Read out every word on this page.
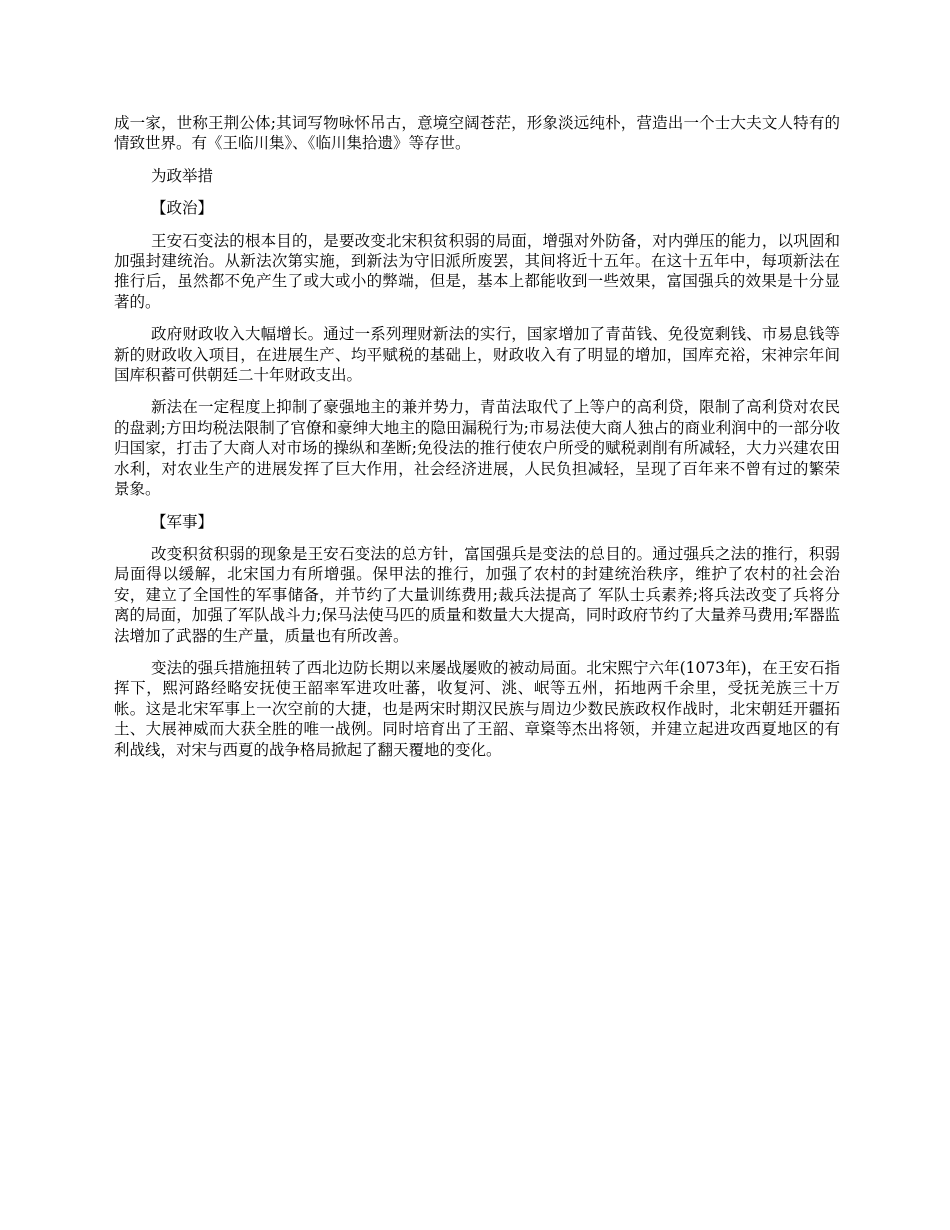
成一家，世称王荆公体;其词写物咏怀吊古，意境空阔苍茫，形象淡远纯朴，营造出一个士大夫文人特有的情致世界。有《王临川集》、《临川集拾遗》等存世。

为政举措

【政治】

王安石变法的根本目的，是要改变北宋积贫积弱的局面，增强对外防备，对内弹压的能力，以巩固和加强封建统治。从新法次第实施，到新法为守旧派所废罢，其间将近十五年。在这十五年中，每项新法在推行后，虽然都不免产生了或大或小的弊端，但是，基本上都能收到一些效果，富国强兵的效果是十分显著的。

政府财政收入大幅增长。通过一系列理财新法的实行，国家增加了青苗钱、免役宽剩钱、市易息钱等新的财政收入项目，在进展生产、均平赋税的基础上，财政收入有了明显的增加，国库充裕，宋神宗年间国库积蓄可供朝廷二十年财政支出。

新法在一定程度上抑制了豪强地主的兼并势力，青苗法取代了上等户的高利贷，限制了高利贷对农民的盘剥;方田均税法限制了官僚和豪绅大地主的隐田漏税行为;市易法使大商人独占的商业利润中的一部分收归国家，打击了大商人对市场的操纵和垄断;免役法的推行使农户所受的赋税剥削有所减轻，大力兴建农田水利，对农业生产的进展发挥了巨大作用，社会经济进展，人民负担减轻，呈现了百年来不曾有过的繁荣景象。

【军事】

改变积贫积弱的现象是王安石变法的总方针，富国强兵是变法的总目的。通过强兵之法的推行，积弱局面得以缓解，北宋国力有所增强。保甲法的推行，加强了农村的封建统治秩序，维护了农村的社会治安，建立了全国性的军事储备，并节约了大量训练费用;裁兵法提高了 军队士兵素养;将兵法改变了兵将分离的局面，加强了军队战斗力;保马法使马匹的质量和数量大大提高，同时政府节约了大量养马费用;军器监法增加了武器的生产量，质量也有所改善。

变法的强兵措施扭转了西北边防长期以来屡战屡败的被动局面。北宋熙宁六年(1073年)，在王安石指挥下，熙河路经略安抚使王韶率军进攻吐蕃，收复河、洮、岷等五州，拓地两千余里，受抚羌族三十万帐。这是北宋军事上一次空前的大捷，也是两宋时期汉民族与周边少数民族政权作战时，北宋朝廷开疆拓土、大展神威而大获全胜的唯一战例。同时培育出了王韶、章楶等杰出将领，并建立起进攻西夏地区的有利战线，对宋与西夏的战争格局掀起了翻天覆地的变化。
